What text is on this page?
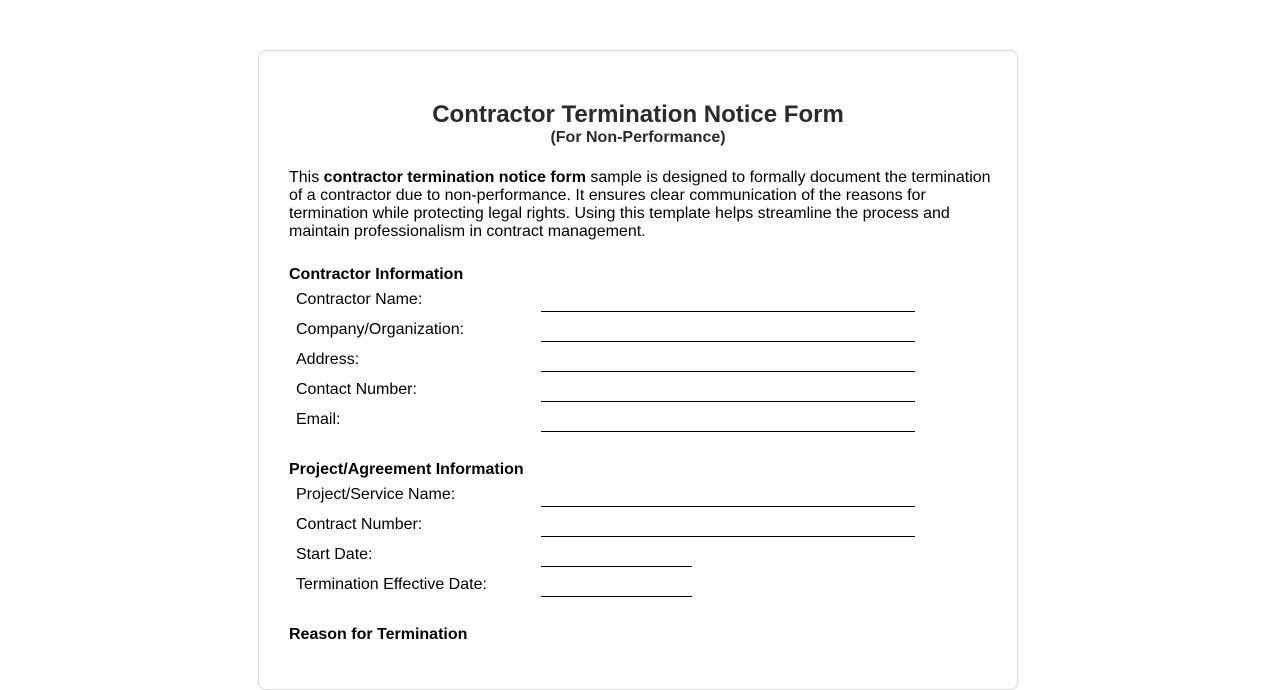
Contractor Termination Notice Form
(For Non-Performance)
This contractor termination notice form sample is designed to formally document the termination of a contractor due to non-performance. It ensures clear communication of the reasons for termination while protecting legal rights. Using this template helps streamline the process and maintain professionalism in contract management.
Contractor Information
Contractor Name:
Company/Organization:
Address:
Contact Number:
Email:
Project/Agreement Information
Project/Service Name:
Contract Number:
Start Date:
Termination Effective Date:
Reason for Termination
